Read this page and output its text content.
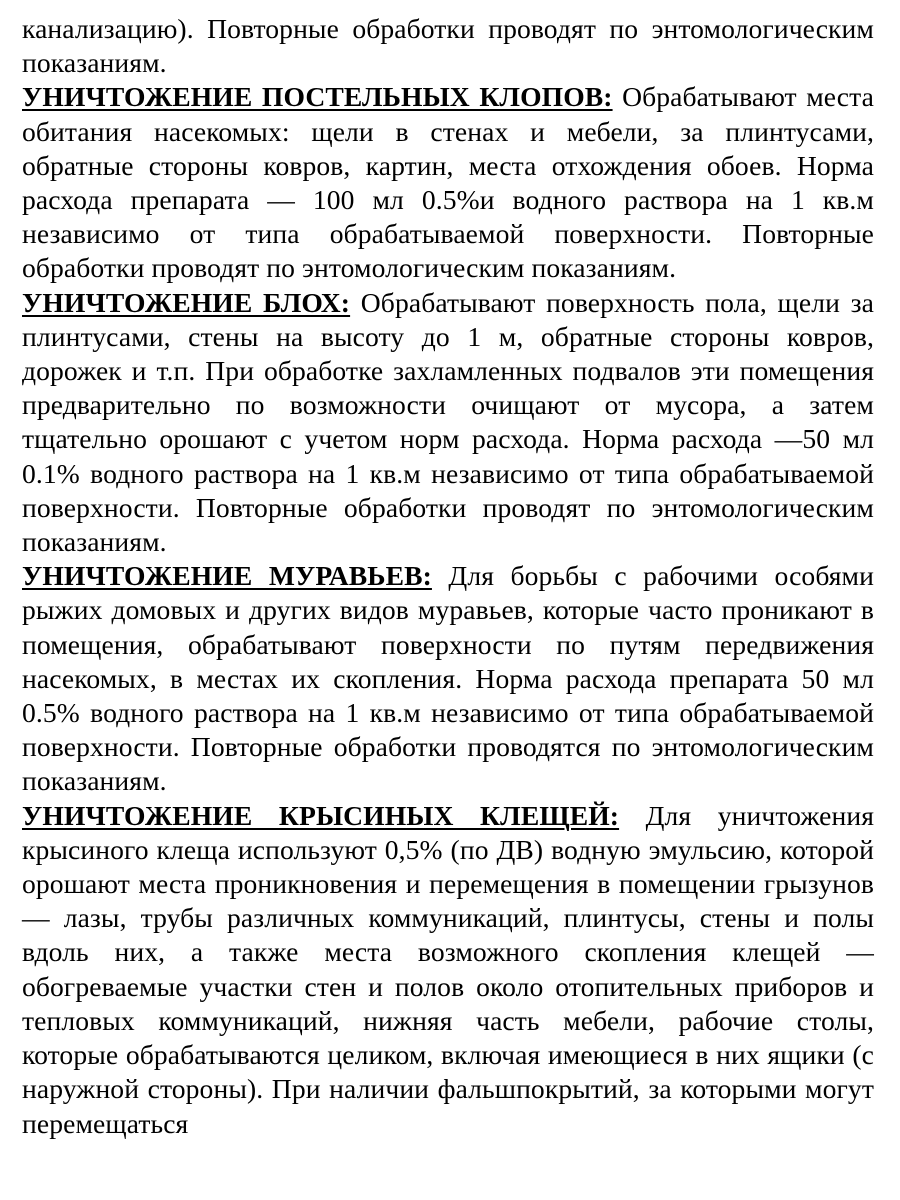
канализацию). Повторные обработки проводят по энтомологическим показаниям.

УНИЧТОЖЕНИЕ ПОСТЕЛЬНЫХ КЛОПОВ: Обрабатывают места обитания насекомых: щели в стенах и мебели, за плинтусами, обратные стороны ковров, картин, места отхождения обоев. Норма расхода препарата — 100 мл 0.5%и водного раствора на 1 кв.м независимо от типа обрабатываемой поверхности. Повторные обработки проводят по энтомологическим показаниям.

УНИЧТОЖЕНИЕ БЛОХ: Обрабатывают поверхность пола, щели за плинтусами, стены на высоту до 1 м, обратные стороны ковров, дорожек и т.п. При обработке захламленных подвалов эти помещения предварительно по возможности очищают от мусора, а затем тщательно орошают с учетом норм расхода. Норма расхода —50 мл 0.1% водного раствора на 1 кв.м независимо от типа обрабатываемой поверхности. Повторные обработки проводят по энтомологическим показаниям.

УНИЧТОЖЕНИЕ МУРАВЬЕВ: Для борьбы с рабочими особями рыжих домовых и других видов муравьев, которые часто проникают в помещения, обрабатывают поверхности по путям передвижения насекомых, в местах их скопления. Норма расхода препарата 50 мл 0.5% водного раствора на 1 кв.м независимо от типа обрабатываемой поверхности. Повторные обработки проводятся по энтомологическим показаниям.

УНИЧТОЖЕНИЕ КРЫСИНЫХ КЛЕЩЕЙ: Для уничтожения крысиного клеща используют 0,5% (по ДВ) водную эмульсию, которой орошают места проникновения и перемещения в помещении грызунов — лазы, трубы различных коммуникаций, плинтусы, стены и полы вдоль них, а также места возможного скопления клещей — обогреваемые участки стен и полов около отопительных приборов и тепловых коммуникаций, нижняя часть мебели, рабочие столы, которые обрабатываются целиком, включая имеющиеся в них ящики (с наружной стороны). При наличии фальшпокрытий, за которыми могут перемещаться
